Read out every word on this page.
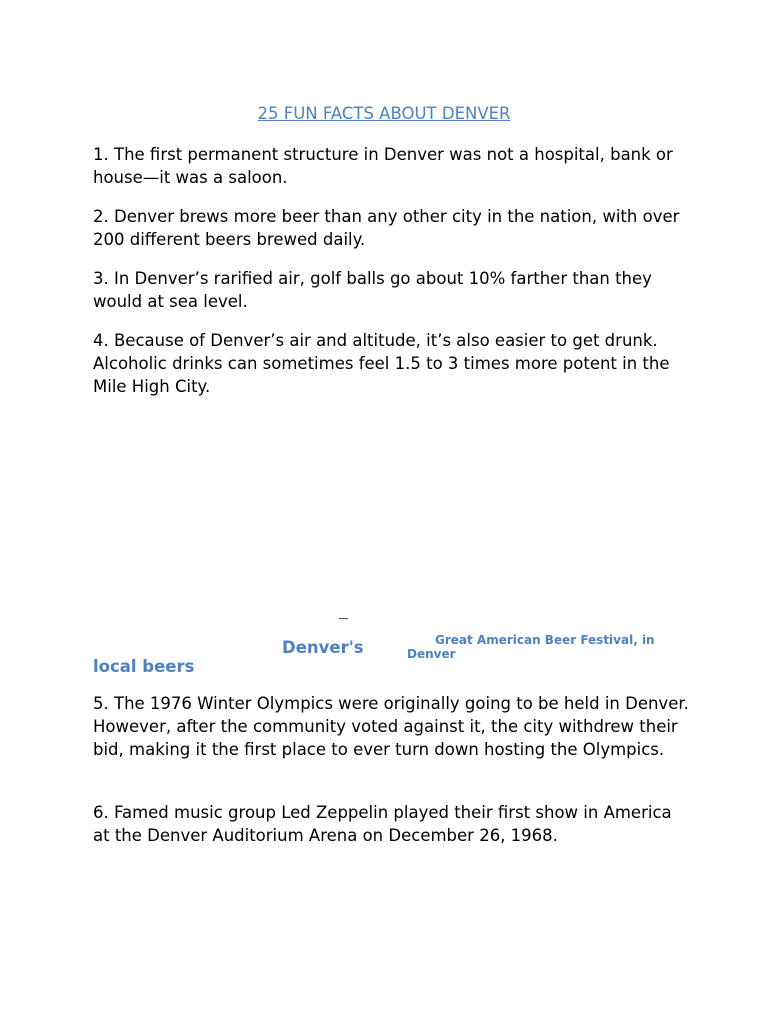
25 FUN FACTS ABOUT DENVER

1. The first permanent structure in Denver was not a hospital, bank or house—it was a saloon.

2. Denver brews more beer than any other city in the nation, with over 200 different beers brewed daily.

3. In Denver’s rarified air, golf balls go about 10% farther than they would at sea level.

4. Because of Denver’s air and altitude, it’s also easier to get drunk. Alcoholic drinks can sometimes feel 1.5 to 3 times more potent in the Mile High City.

Denver's	Great American Beer Festival, in
Denver
local beers

5. The 1976 Winter Olympics were originally going to be held in Denver. However, after the community voted against it, the city withdrew their bid, making it the first place to ever turn down hosting the Olympics.

6. Famed music group Led Zeppelin played their first show in America at the Denver Auditorium Arena on December 26, 1968.
